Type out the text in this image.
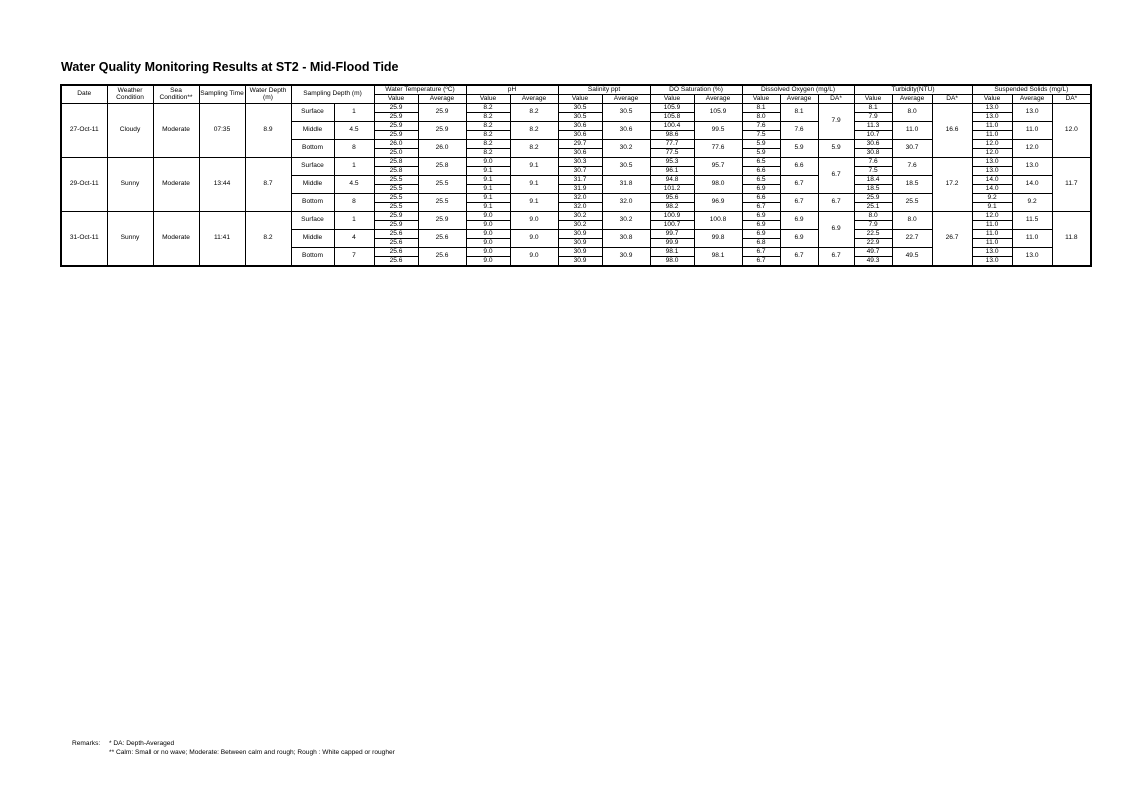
Water Quality Monitoring Results at ST2 - Mid-Flood Tide
Date	Weather Condition	Sea Condition**	Sampling Time	Water Depth (m)	Sampling Depth (m)		Water Temperature (ºC)		pH		Salinity ppt		DO Saturation (%)		Dissolved Oxygen (mg/L)			Turbidity(NTU)			Suspended Solids (mg/L)		
							Value	Average	Value	Average	Value	Average	Value	Average	Value	Average	DA*	Value	Average	DA*	Value	Average	DA*
27-Oct-11	Cloudy	Moderate	07:35	8.9	Surface	1	25.9	25.9	8.2	8.2	30.5	30.5	105.9	105.9	8.1	8.1	7.9	8.1	8.0	16.6	13.0	13.0	12.0
							25.9		8.2		30.5		105.8		8.0			7.9			13.0		
					Middle	4.5	25.9	25.9	8.2	8.2	30.6	30.6	100.4	99.5	7.6	7.6		11.3	11.0		11.0	11.0	
							25.9		8.2		30.6		98.6		7.5			10.7			11.0		
					Bottom	8	26.0	26.0	8.2	8.2	29.7	30.2	77.7	77.6	5.9	5.9	5.9	30.6	30.7		12.0	12.0	
							25.0		8.2		30.6		77.5		5.9			30.8			12.0		
29-Oct-11	Sunny	Moderate	13:44	8.7	Surface	1	25.8	25.8	9.0	9.1	30.3	30.5	95.3	95.7	6.5	6.6	6.7	7.6	7.6	17.2	13.0	13.0	11.7
							25.8		9.1		30.7		96.1		6.6			7.5			13.0		
					Middle	4.5	25.5	25.5	9.1	9.1	31.7	31.8	94.8	98.0	6.5	6.7		18.4	18.5		14.0	14.0	
							25.5		9.1		31.9		101.2		6.9			18.5			14.0		
					Bottom	8	25.5	25.5	9.1	9.1	32.0	32.0	95.6	96.9	6.6	6.7	6.7	25.9	25.5		9.2	9.2	
							25.5		9.1		32.0		98.2		6.7			25.1			9.1		
31-Oct-11	Sunny	Moderate	11:41	8.2	Surface	1	25.9	25.9	9.0	9.0	30.2	30.2	100.9	100.8	6.9	6.9	6.9	8.0	8.0	26.7	12.0	11.5	11.8
							25.9		9.0		30.2		100.7		6.9			7.9			11.0		
					Middle	4	25.6	25.6	9.0	9.0	30.9	30.8	99.7	99.8	6.9	6.9		22.5	22.7		11.0	11.0	
							25.6		9.0		30.9		99.9		6.8			22.9			11.0		
					Bottom	7	25.6	25.6	9.0	9.0	30.9	30.9	98.1	98.1	6.7	6.7	6.7	49.7	49.5		13.0	13.0	
							25.6		9.0		30.9		98.0		6.7			49.3			13.0		
Remarks: * DA: Depth-Averaged
** Calm: Small or no wave; Moderate: Between calm and rough; Rough : White capped or rougher
